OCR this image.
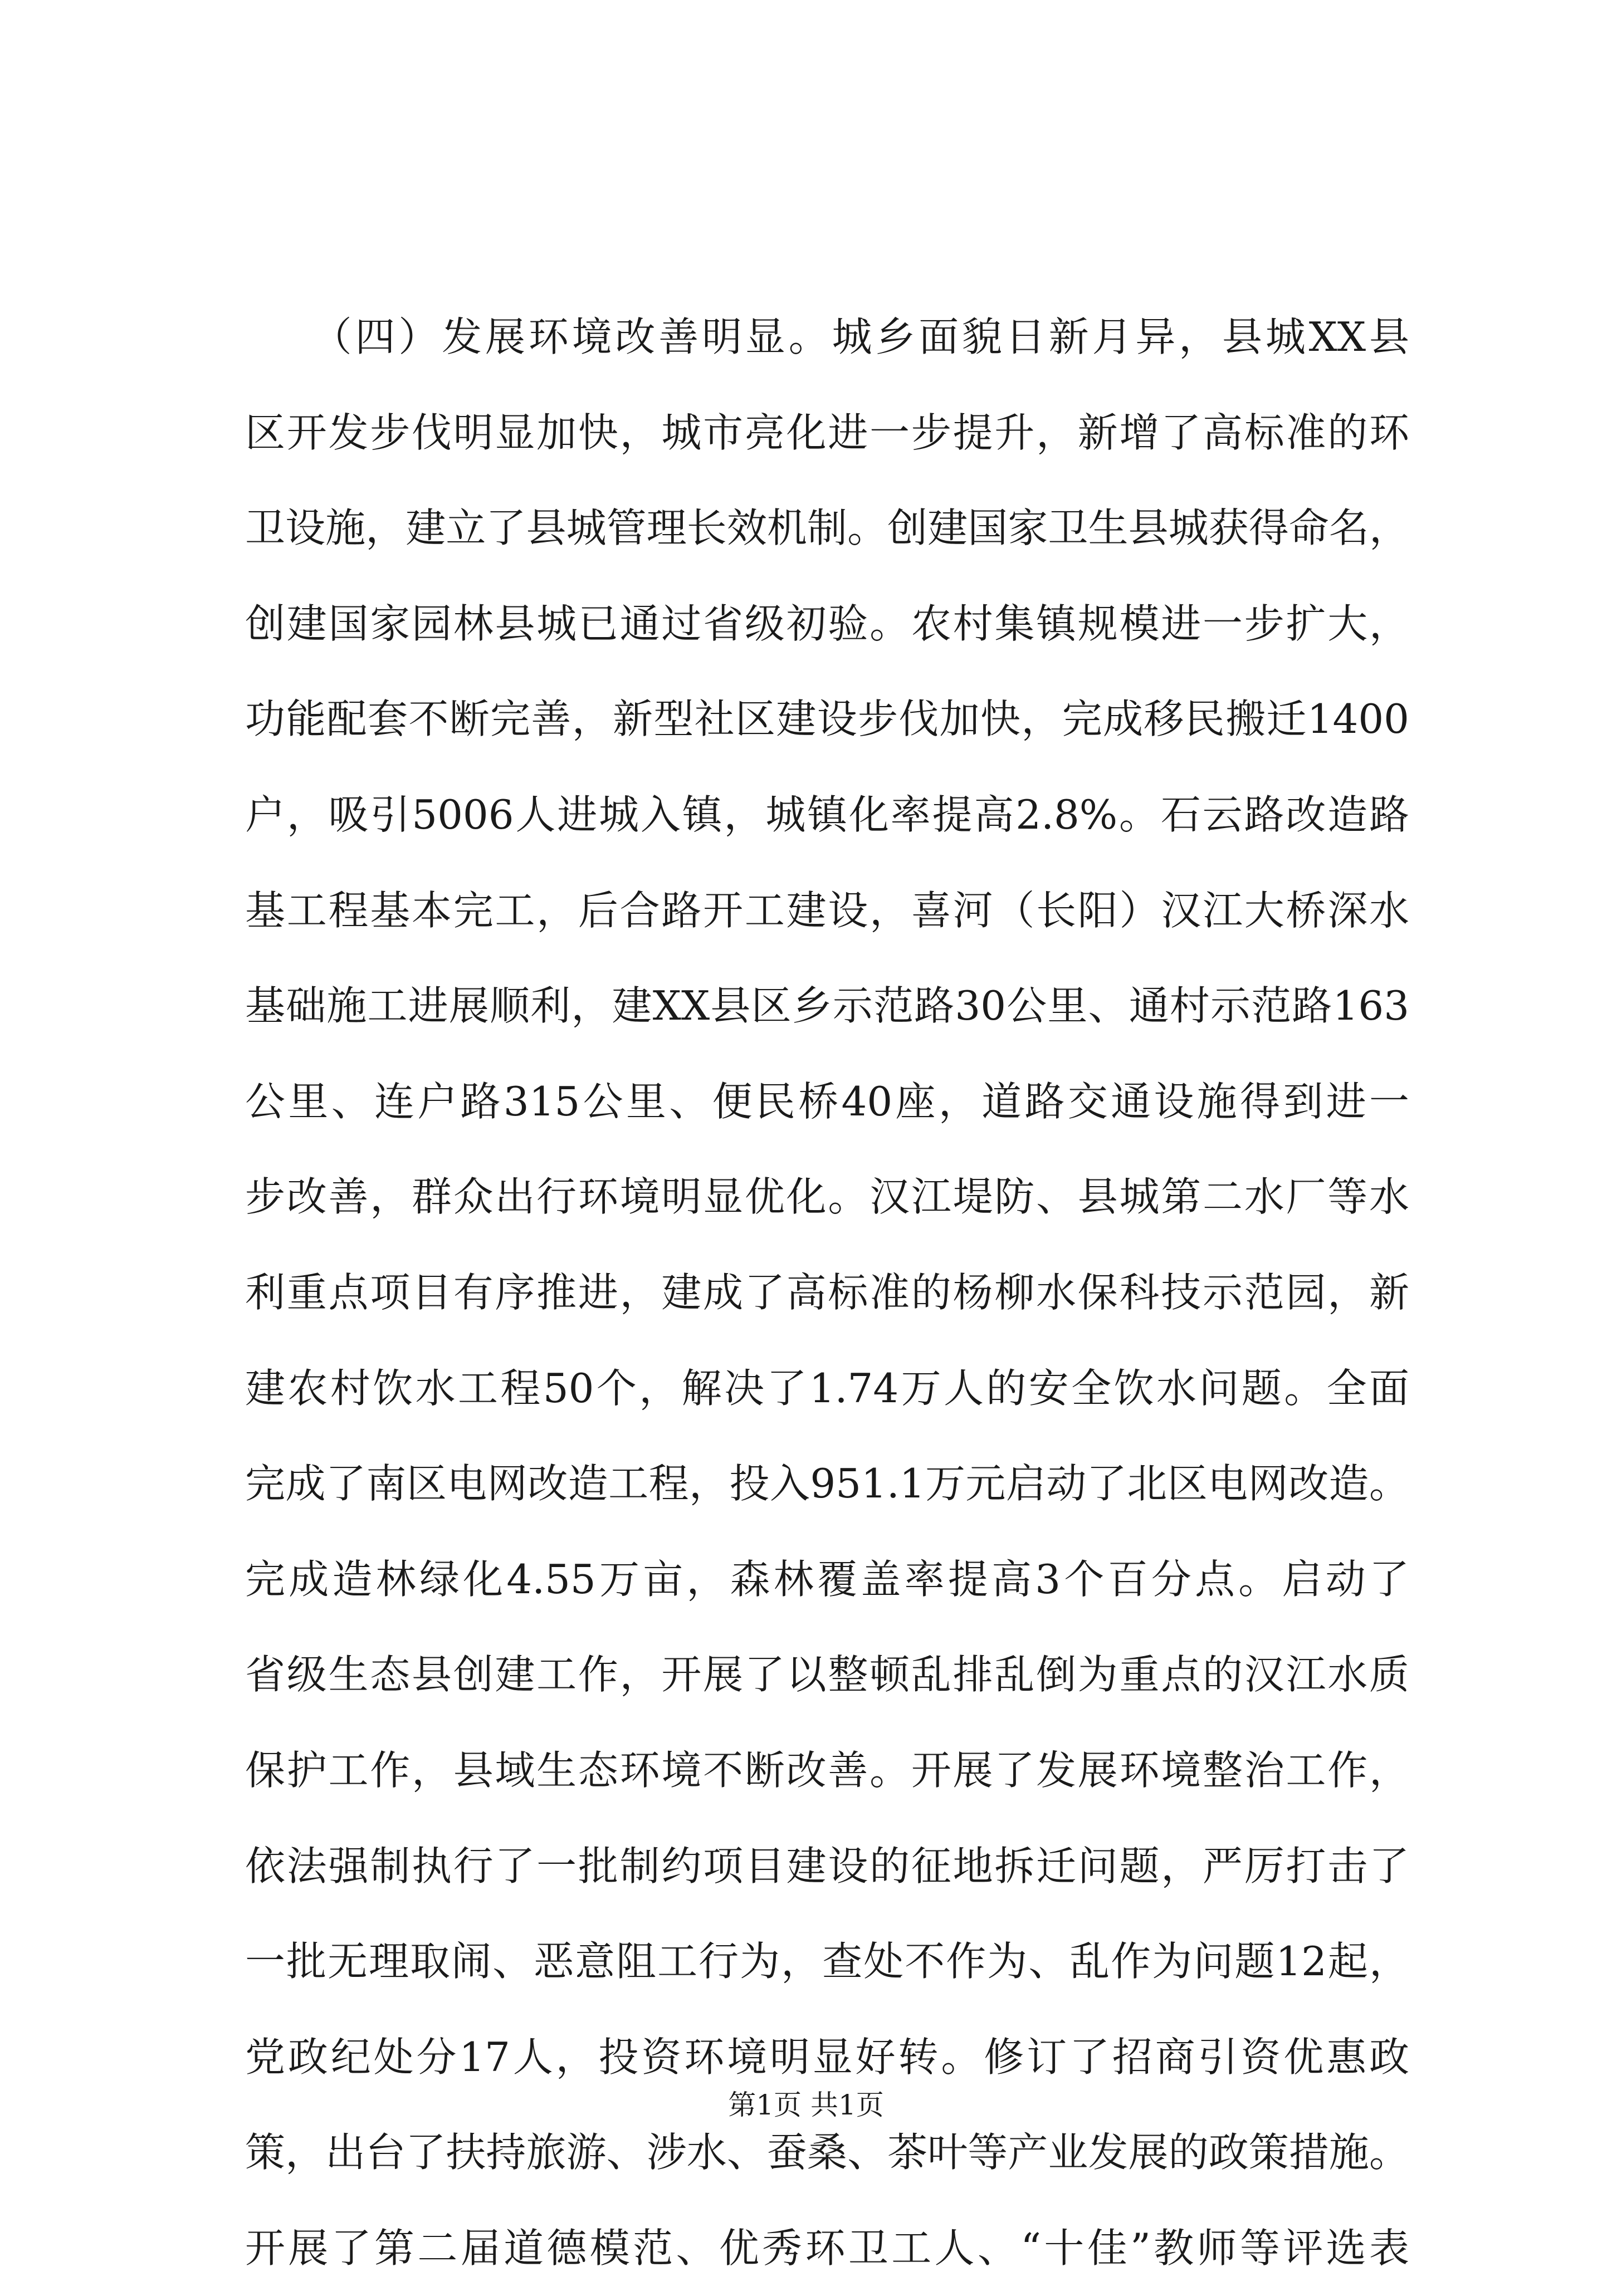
　　（四）发展环境改善明显。城乡面貌日新月异，县城XX县
区开发步伐明显加快，城市亮化进一步提升，新增了高标准的环
卫设施，建立了县城管理长效机制。创建国家卫生县城获得命名，
创建国家园林县城已通过省级初验。农村集镇规模进一步扩大，
功能配套不断完善，新型社区建设步伐加快，完成移民搬迁1400
户，吸引5006人进城入镇，城镇化率提高2.8%。石云路改造路
基工程基本完工，后合路开工建设，喜河（长阳）汉江大桥深水
基础施工进展顺利，建XX县区乡示范路30公里、通村示范路163
公里、连户路315公里、便民桥40座，道路交通设施得到进一
步改善，群众出行环境明显优化。汉江堤防、县城第二水厂等水
利重点项目有序推进，建成了高标准的杨柳水保科技示范园，新
建农村饮水工程50个，解决了1.74万人的安全饮水问题。全面
完成了南区电网改造工程，投入951.1万元启动了北区电网改造。
完成造林绿化4.55万亩，森林覆盖率提高3个百分点。启动了
省级生态县创建工作，开展了以整顿乱排乱倒为重点的汉江水质
保护工作，县域生态环境不断改善。开展了发展环境整治工作，
依法强制执行了一批制约项目建设的征地拆迁问题，严厉打击了
一批无理取闹、恶意阻工行为，查处不作为、乱作为问题12起，
党政纪处分17人，投资环境明显好转。修订了招商引资优惠政
策，出台了扶持旅游、涉水、蚕桑、茶叶等产业发展的政策措施。
开展了第二届道德模范、优秀环卫工人、“十佳”教师等评选表
第1页 共1页
